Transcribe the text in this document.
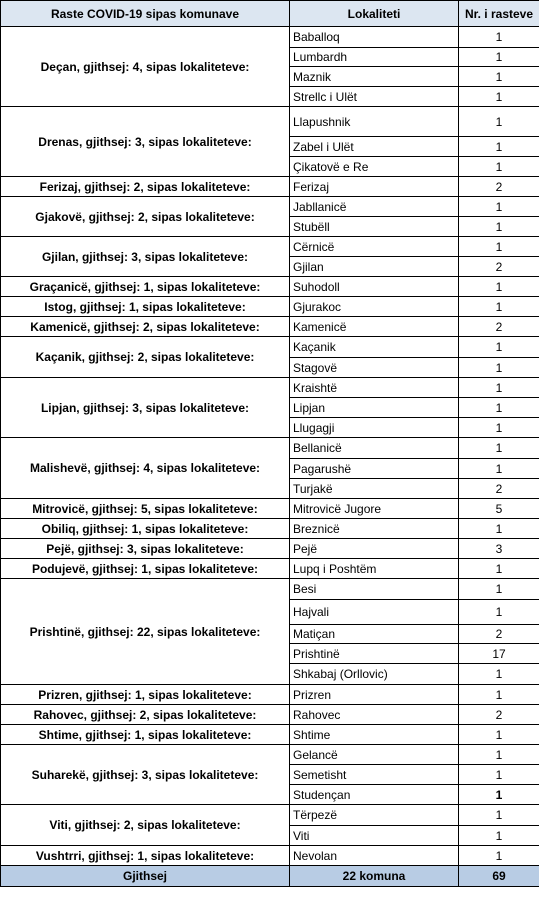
Raste COVID-19 sipas komunave	Lokaliteti	Nr. i rasteve
Deçan, gjithsej: 4, sipas lokaliteteve:	Baballoq	1
	Lumbardh	1
	Maznik	1
	Strellc i Ulët	1
Drenas, gjithsej: 3, sipas lokaliteteve:	Llapushnik	1
	Zabel i Ulët	1
	Çikatovë e Re	1
Ferizaj, gjithsej: 2, sipas lokaliteteve:	Ferizaj	2
Gjakovë, gjithsej: 2, sipas lokaliteteve:	Jabllanicë	1
	Stubëll	1
Gjilan, gjithsej: 3, sipas lokaliteteve:	Cërnicë	1
	Gjilan	2
Graçanicë, gjithsej: 1, sipas lokaliteteve:	Suhodoll	1
Istog, gjithsej: 1, sipas lokaliteteve:	Gjurakoc	1
Kamenicë, gjithsej: 2, sipas lokaliteteve:	Kamenicë	2
Kaçanik, gjithsej: 2, sipas lokaliteteve:	Kaçanik	1
	Stagovë	1
Lipjan, gjithsej: 3, sipas lokaliteteve:	Kraishtë	1
	Lipjan	1
	Llugagji	1
Malishevë, gjithsej: 4, sipas lokaliteteve:	Bellanicë	1
	Pagarushë	1
	Turjakë	2
Mitrovicë, gjithsej: 5, sipas lokaliteteve:	Mitrovicë Jugore	5
Obiliq, gjithsej: 1, sipas lokaliteteve:	Breznicë	1
Pejë, gjithsej: 3, sipas lokaliteteve:	Pejë	3
Podujevë, gjithsej: 1, sipas lokaliteteve:	Lupq i Poshtëm	1
Prishtinë, gjithsej: 22, sipas lokaliteteve:	Besi	1
	Hajvali	1
	Matiçan	2
	Prishtinë	17
	Shkabaj (Orllovic)	1
Prizren, gjithsej: 1, sipas lokaliteteve:	Prizren	1
Rahovec, gjithsej: 2, sipas lokaliteteve:	Rahovec	2
Shtime, gjithsej: 1, sipas lokaliteteve:	Shtime	1
Suharekë, gjithsej: 3, sipas lokaliteteve:	Gelancë	1
	Semetisht	1
	Studençan	1
Viti, gjithsej: 2, sipas lokaliteteve:	Tërpezë	1
	Viti	1
Vushtrri, gjithsej: 1, sipas lokaliteteve:	Nevolan	1
Gjithsej	22 komuna	69
